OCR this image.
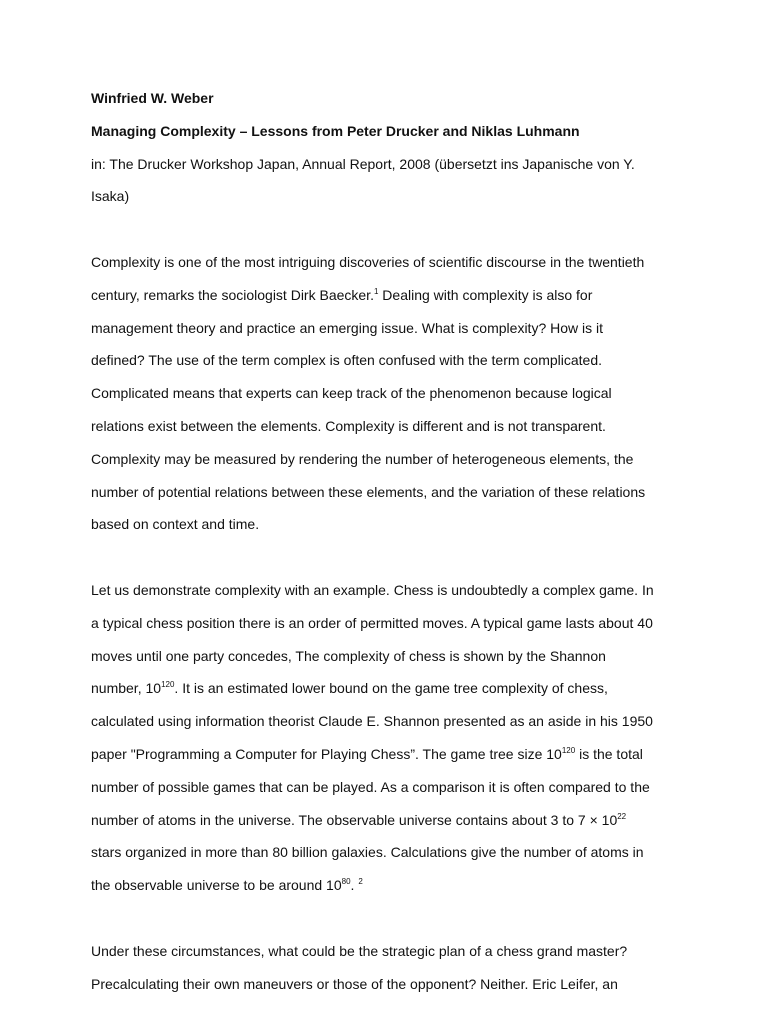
Winfried W. Weber
Managing Complexity – Lessons from Peter Drucker and Niklas Luhmann
in: The Drucker Workshop Japan, Annual Report, 2008 (übersetzt ins Japanische von Y.
Isaka)
Complexity is one of the most intriguing discoveries of scientific discourse in the twentieth
century, remarks the sociologist Dirk Baecker.$^1$ Dealing with complexity is also for
management theory and practice an emerging issue. What is complexity? How is it
defined? The use of the term complex is often confused with the term complicated.
Complicated means that experts can keep track of the phenomenon because logical
relations exist between the elements. Complexity is different and is not transparent.
Complexity may be measured by rendering the number of heterogeneous elements, the
number of potential relations between these elements, and the variation of these relations
based on context and time.
Let us demonstrate complexity with an example. Chess is undoubtedly a complex game. In
a typical chess position there is an order of permitted moves. A typical game lasts about 40
moves until one party concedes, The complexity of chess is shown by the Shannon
number, $10^{120}$. It is an estimated lower bound on the game tree complexity of chess,
calculated using information theorist Claude E. Shannon presented as an aside in his 1950
paper "Programming a Computer for Playing Chess”. The game tree size $10^{120}$ is the total
number of possible games that can be played. As a comparison it is often compared to the
number of atoms in the universe. The observable universe contains about 3 to $7 \times 10^{22}$
stars organized in more than 80 billion galaxies. Calculations give the number of atoms in
the observable universe to be around $10^{80}$. $^2$
Under these circumstances, what could be the strategic plan of a chess grand master?
Precalculating their own maneuvers or those of the opponent? Neither. Eric Leifer, an
